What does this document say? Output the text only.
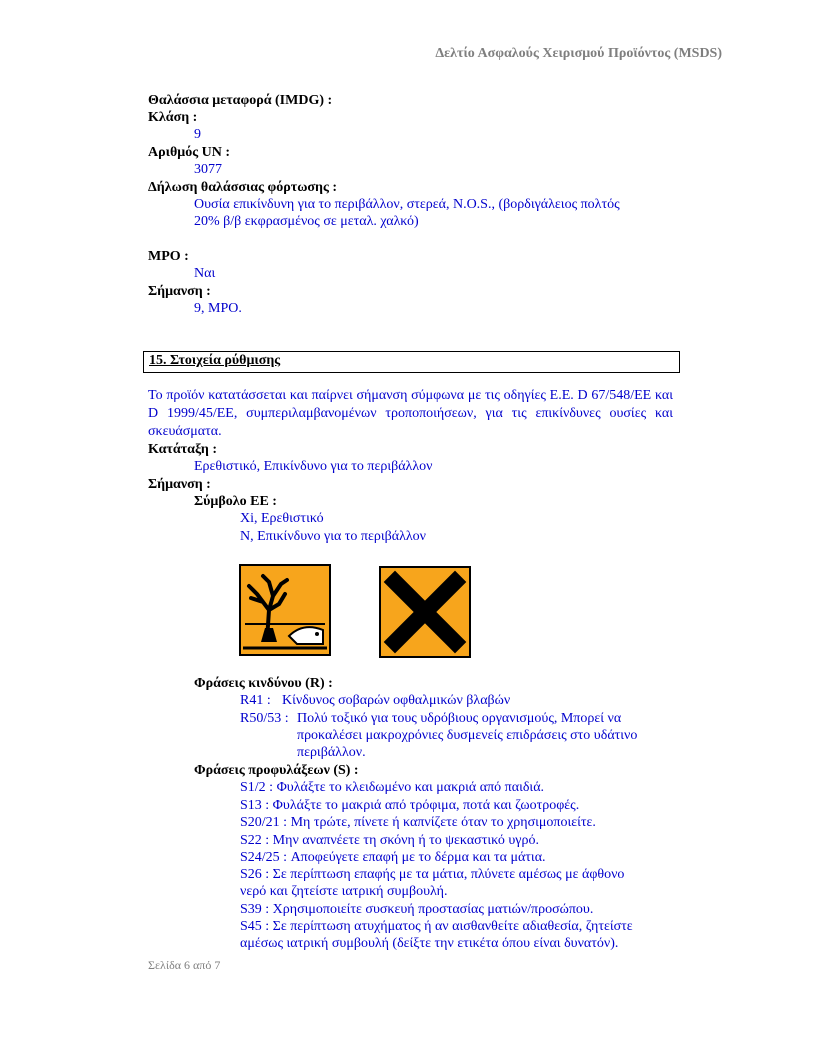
Δελτίο Ασφαλούς Χειρισμού Προϊόντος (MSDS)
Θαλάσσια μεταφορά (IMDG) :
Κλάση :
9
Αριθμός UN :
3077
Δήλωση θαλάσσιας φόρτωσης :
Ουσία επικίνδυνη για το περιβάλλον, στερεά, N.O.S., (βορδιγάλειος πολτός
20% β/β εκφρασμένος σε μεταλ. χαλκό)
MPO :
Ναι
Σήμανση :
9, MPO.
15. Στοιχεία ρύθμισης
Το προϊόν κατατάσσεται και παίρνει σήμανση σύμφωνα με τις οδηγίες Ε.Ε. D 67/548/EE και D 1999/45/EE, συμπεριλαμβανομένων τροποποιήσεων, για τις επικίνδυνες ουσίες και σκευάσματα.
Κατάταξη :
Ερεθιστικό, Επικίνδυνο για το περιβάλλον
Σήμανση :
Σύμβολο ΕΕ :
Xi, Ερεθιστικό
N, Επικίνδυνο για το περιβάλλον
Φράσεις κινδύνου (R) :
R41 : Κίνδυνος σοβαρών οφθαλμικών βλαβών
R50/53 : Πολύ τοξικό για τους υδρόβιους οργανισμούς, Μπορεί να
προκαλέσει μακροχρόνιες δυσμενείς επιδράσεις στο υδάτινο
περιβάλλον.
Φράσεις προφυλάξεων (S) :
S1/2 : Φυλάξτε το κλειδωμένο και μακριά από παιδιά.
S13 : Φυλάξτε το μακριά από τρόφιμα, ποτά και ζωοτροφές.
S20/21 : Μη τρώτε, πίνετε ή καπνίζετε όταν το χρησιμοποιείτε.
S22 : Μην αναπνέετε τη σκόνη ή το ψεκαστικό υγρό.
S24/25 : Αποφεύγετε επαφή με το δέρμα και τα μάτια.
S26 : Σε περίπτωση επαφής με τα μάτια, πλύνετε αμέσως με άφθονο
νερό και ζητείστε ιατρική συμβουλή.
S39 : Χρησιμοποιείτε συσκευή προστασίας ματιών/προσώπου.
S45 : Σε περίπτωση ατυχήματος ή αν αισθανθείτε αδιαθεσία, ζητείστε
αμέσως ιατρική συμβουλή (δείξτε την ετικέτα όπου είναι δυνατόν).
Σελίδα 6 από 7
